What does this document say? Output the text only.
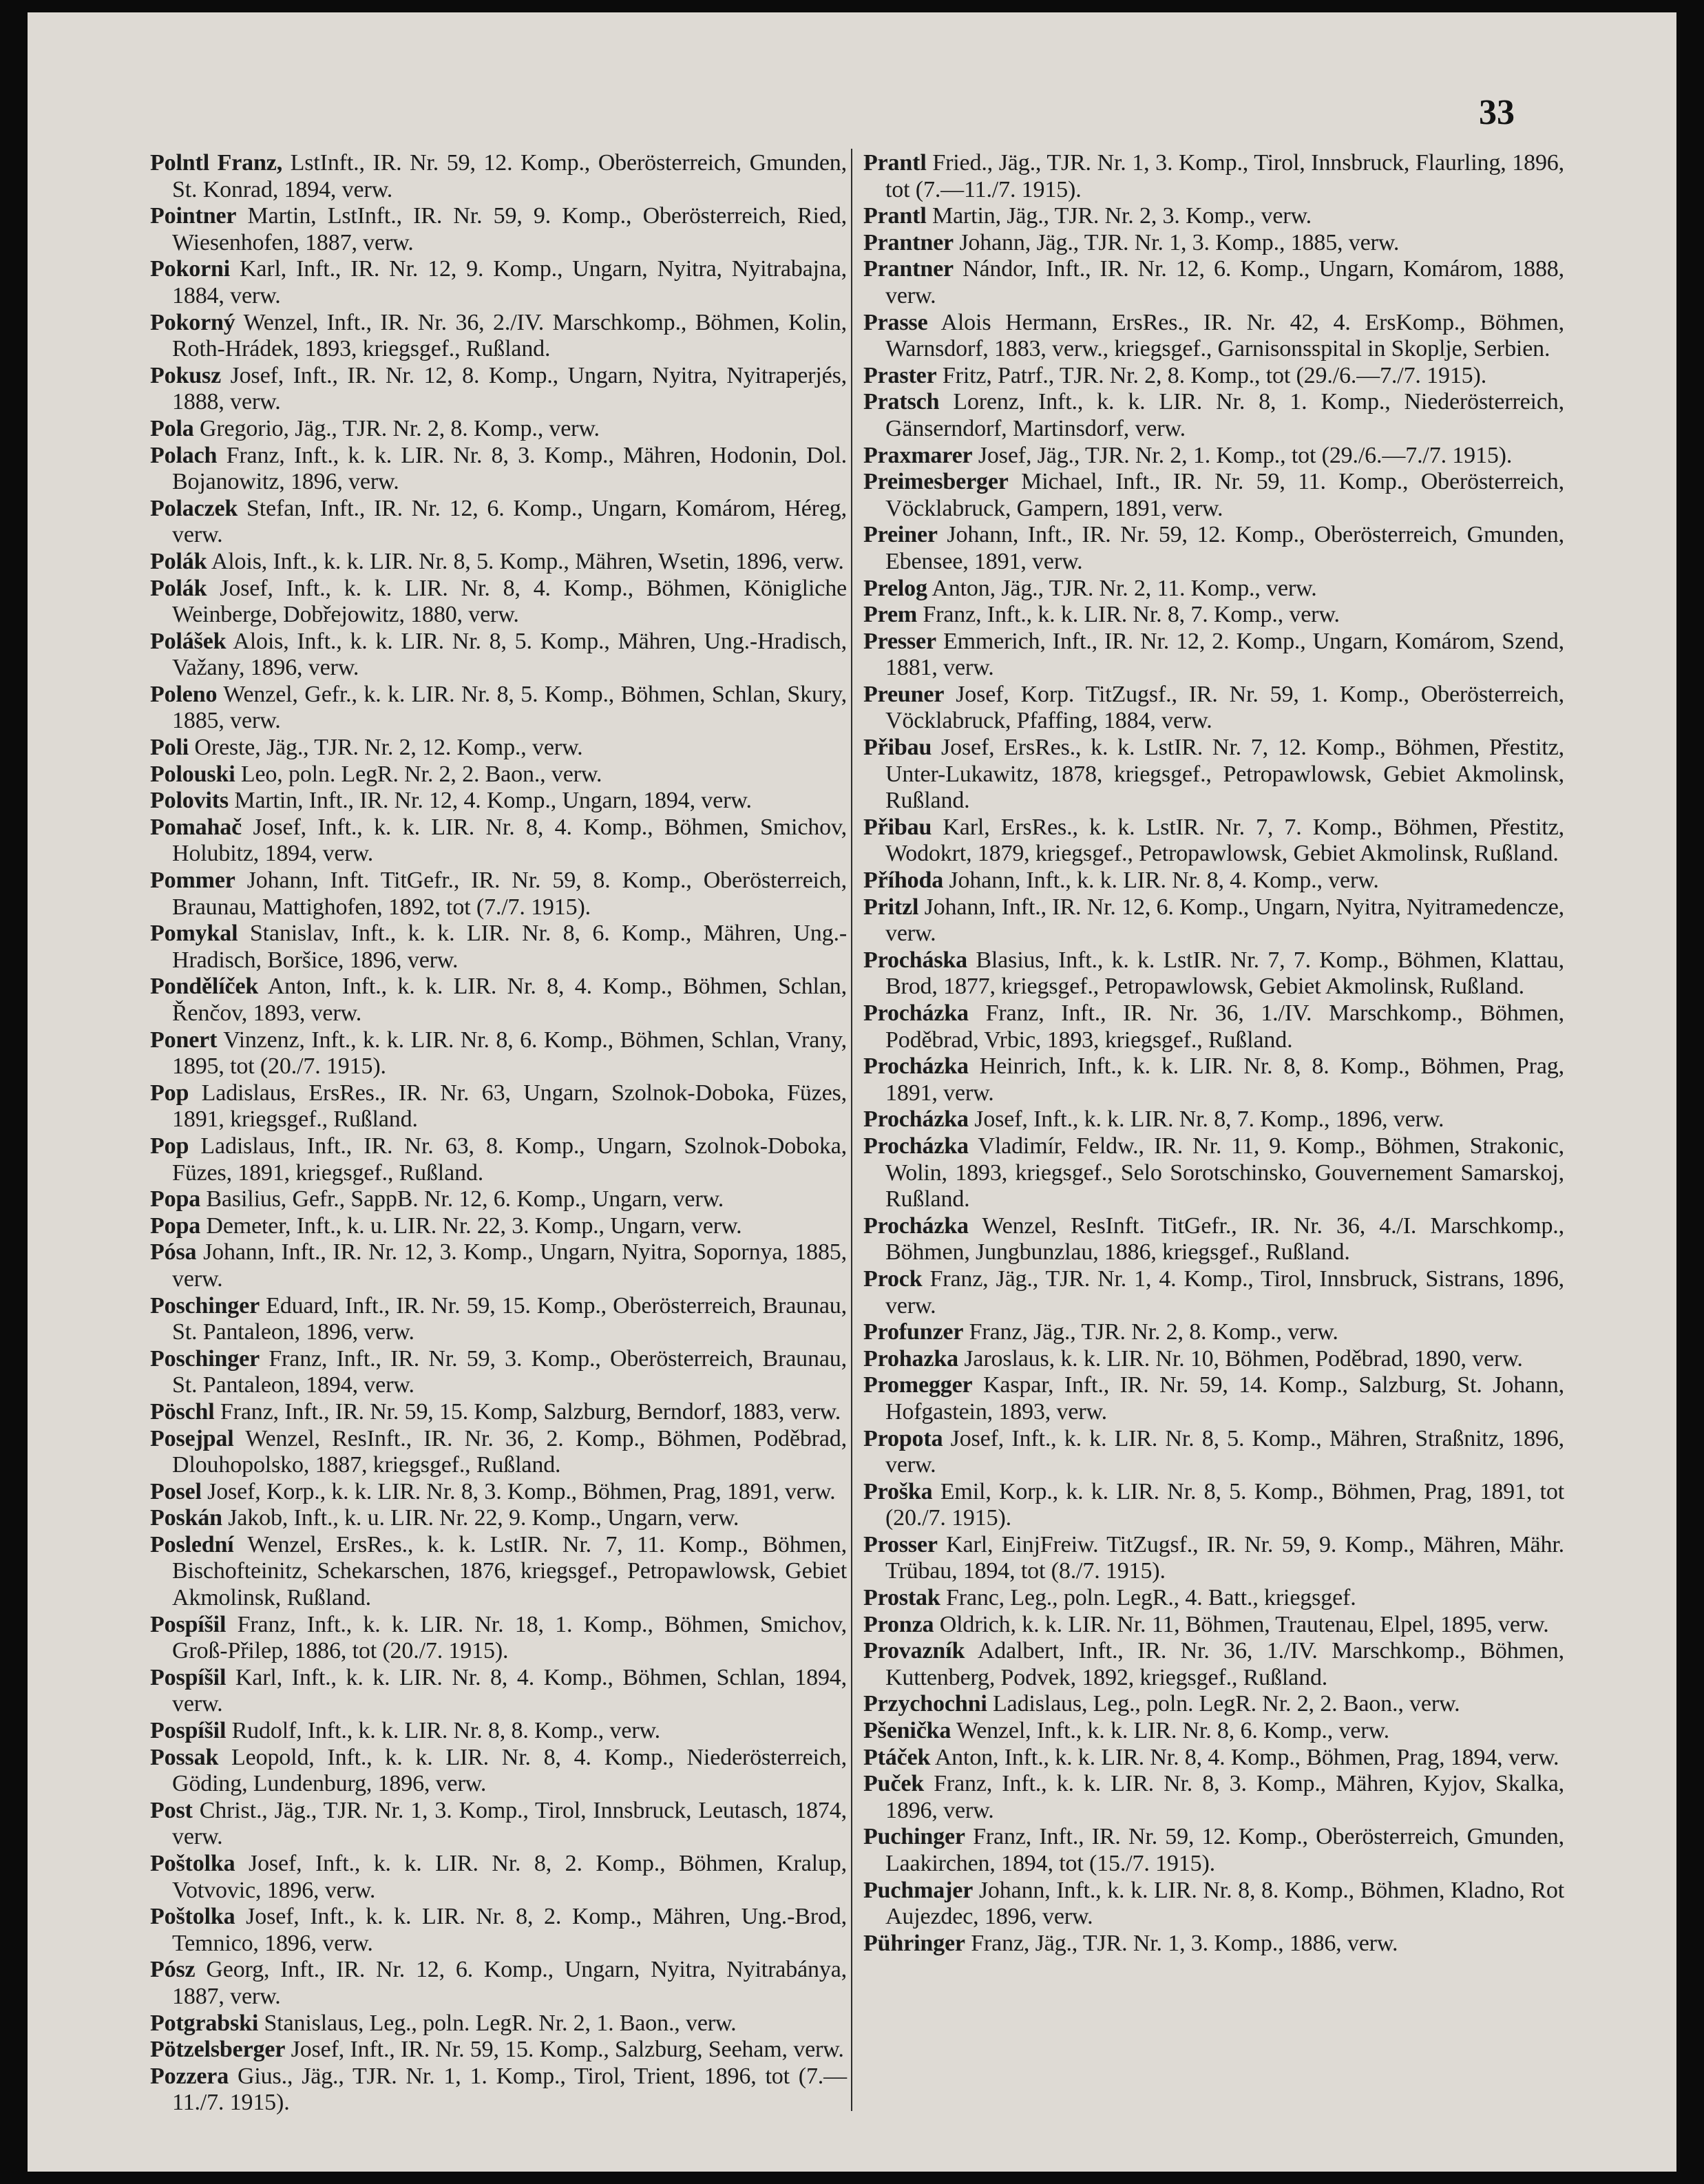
33

Polntl Franz, LstInft., IR. Nr. 59, 12. Komp., Oberösterreich, Gmunden, St. Konrad, 1894, verw.

Pointner Martin, LstInft., IR. Nr. 59, 9. Komp., Oberösterreich, Ried, Wiesenhofen, 1887, verw.

Pokorni Karl, Inft., IR. Nr. 12, 9. Komp., Ungarn, Nyitra, Nyitrabajna, 1884, verw.

Pokorný Wenzel, Inft., IR. Nr. 36, 2./IV. Marschkomp., Böhmen, Kolin, Roth-Hrádek, 1893, kriegsgef., Rußland.

Pokusz Josef, Inft., IR. Nr. 12, 8. Komp., Ungarn, Nyitra, Nyitraperjés, 1888, verw.

Pola Gregorio, Jäg., TJR. Nr. 2, 8. Komp., verw.

Polach Franz, Inft., k. k. LIR. Nr. 8, 3. Komp., Mähren, Hodonin, Dol. Bojanowitz, 1896, verw.

Polaczek Stefan, Inft., IR. Nr. 12, 6. Komp., Ungarn, Komárom, Héreg, verw.

Polák Alois, Inft., k. k. LIR. Nr. 8, 5. Komp., Mähren, Wsetin, 1896, verw.

Polák Josef, Inft., k. k. LIR. Nr. 8, 4. Komp., Böhmen, Königliche Weinberge, Dobřejowitz, 1880, verw.

Polášek Alois, Inft., k. k. LIR. Nr. 8, 5. Komp., Mähren, Ung.-Hradisch, Važany, 1896, verw.

Poleno Wenzel, Gefr., k. k. LIR. Nr. 8, 5. Komp., Böhmen, Schlan, Skury, 1885, verw.

Poli Oreste, Jäg., TJR. Nr. 2, 12. Komp., verw.

Polouski Leo, poln. LegR. Nr. 2, 2. Baon., verw.

Polovits Martin, Inft., IR. Nr. 12, 4. Komp., Ungarn, 1894, verw.

Pomahač Josef, Inft., k. k. LIR. Nr. 8, 4. Komp., Böhmen, Smichov, Holubitz, 1894, verw.

Pommer Johann, Inft. TitGefr., IR. Nr. 59, 8. Komp., Oberösterreich, Braunau, Mattighofen, 1892, tot (7./7. 1915).

Pomykal Stanislav, Inft., k. k. LIR. Nr. 8, 6. Komp., Mähren, Ung.-Hradisch, Boršice, 1896, verw.

Pondělíček Anton, Inft., k. k. LIR. Nr. 8, 4. Komp., Böhmen, Schlan, Řenčov, 1893, verw.

Ponert Vinzenz, Inft., k. k. LIR. Nr. 8, 6. Komp., Böhmen, Schlan, Vrany, 1895, tot (20./7. 1915).

Pop Ladislaus, ErsRes., IR. Nr. 63, Ungarn, Szolnok-Doboka, Füzes, 1891, kriegsgef., Rußland.

Pop Ladislaus, Inft., IR. Nr. 63, 8. Komp., Ungarn, Szolnok-Doboka, Füzes, 1891, kriegsgef., Rußland.

Popa Basilius, Gefr., SappB. Nr. 12, 6. Komp., Ungarn, verw.

Popa Demeter, Inft., k. u. LIR. Nr. 22, 3. Komp., Ungarn, verw.

Pósa Johann, Inft., IR. Nr. 12, 3. Komp., Ungarn, Nyitra, Sopornya, 1885, verw.

Poschinger Eduard, Inft., IR. Nr. 59, 15. Komp., Oberösterreich, Braunau, St. Pantaleon, 1896, verw.

Poschinger Franz, Inft., IR. Nr. 59, 3. Komp., Oberösterreich, Braunau, St. Pantaleon, 1894, verw.

Pöschl Franz, Inft., IR. Nr. 59, 15. Komp, Salzburg, Berndorf, 1883, verw.

Posejpal Wenzel, ResInft., IR. Nr. 36, 2. Komp., Böhmen, Poděbrad, Dlouhopolsko, 1887, kriegsgef., Rußland.

Posel Josef, Korp., k. k. LIR. Nr. 8, 3. Komp., Böhmen, Prag, 1891, verw.

Poskán Jakob, Inft., k. u. LIR. Nr. 22, 9. Komp., Ungarn, verw.

Poslední Wenzel, ErsRes., k. k. LstIR. Nr. 7, 11. Komp., Böhmen, Bischofteinitz, Schekarschen, 1876, kriegsgef., Petropawlowsk, Gebiet Akmolinsk, Rußland.

Pospíšil Franz, Inft., k. k. LIR. Nr. 18, 1. Komp., Böhmen, Smichov, Groß-Přilep, 1886, tot (20./7. 1915).

Pospíšil Karl, Inft., k. k. LIR. Nr. 8, 4. Komp., Böhmen, Schlan, 1894, verw.

Pospíšil Rudolf, Inft., k. k. LIR. Nr. 8, 8. Komp., verw.

Possak Leopold, Inft., k. k. LIR. Nr. 8, 4. Komp., Niederösterreich, Göding, Lundenburg, 1896, verw.

Post Christ., Jäg., TJR. Nr. 1, 3. Komp., Tirol, Innsbruck, Leutasch, 1874, verw.

Poštolka Josef, Inft., k. k. LIR. Nr. 8, 2. Komp., Böhmen, Kralup, Votvovic, 1896, verw.

Poštolka Josef, Inft., k. k. LIR. Nr. 8, 2. Komp., Mähren, Ung.-Brod, Temnico, 1896, verw.

Pósz Georg, Inft., IR. Nr. 12, 6. Komp., Ungarn, Nyitra, Nyitrabánya, 1887, verw.

Potgrabski Stanislaus, Leg., poln. LegR. Nr. 2, 1. Baon., verw.

Pötzelsberger Josef, Inft., IR. Nr. 59, 15. Komp., Salzburg, Seeham, verw.

Pozzera Gius., Jäg., TJR. Nr. 1, 1. Komp., Tirol, Trient, 1896, tot (7.—11./7. 1915).

Prantl Fried., Jäg., TJR. Nr. 1, 3. Komp., Tirol, Innsbruck, Flaurling, 1896, tot (7.—11./7. 1915).

Prantl Martin, Jäg., TJR. Nr. 2, 3. Komp., verw.

Prantner Johann, Jäg., TJR. Nr. 1, 3. Komp., 1885, verw.

Prantner Nándor, Inft., IR. Nr. 12, 6. Komp., Ungarn, Komárom, 1888, verw.

Prasse Alois Hermann, ErsRes., IR. Nr. 42, 4. ErsKomp., Böhmen, Warnsdorf, 1883, verw., kriegsgef., Garnisonsspital in Skoplje, Serbien.

Praster Fritz, Patrf., TJR. Nr. 2, 8. Komp., tot (29./6.—7./7. 1915).

Pratsch Lorenz, Inft., k. k. LIR. Nr. 8, 1. Komp., Niederösterreich, Gänserndorf, Martinsdorf, verw.

Praxmarer Josef, Jäg., TJR. Nr. 2, 1. Komp., tot (29./6.—7./7. 1915).

Preimesberger Michael, Inft., IR. Nr. 59, 11. Komp., Oberösterreich, Vöcklabruck, Gampern, 1891, verw.

Preiner Johann, Inft., IR. Nr. 59, 12. Komp., Oberösterreich, Gmunden, Ebensee, 1891, verw.

Prelog Anton, Jäg., TJR. Nr. 2, 11. Komp., verw.

Prem Franz, Inft., k. k. LIR. Nr. 8, 7. Komp., verw.

Presser Emmerich, Inft., IR. Nr. 12, 2. Komp., Ungarn, Komárom, Szend, 1881, verw.

Preuner Josef, Korp. TitZugsf., IR. Nr. 59, 1. Komp., Oberösterreich, Vöcklabruck, Pfaffing, 1884, verw.

Přibau Josef, ErsRes., k. k. LstIR. Nr. 7, 12. Komp., Böhmen, Přestitz, Unter-Lukawitz, 1878, kriegsgef., Petropawlowsk, Gebiet Akmolinsk, Rußland.

Přibau Karl, ErsRes., k. k. LstIR. Nr. 7, 7. Komp., Böhmen, Přestitz, Wodokrt, 1879, kriegsgef., Petropawlowsk, Gebiet Akmolinsk, Rußland.

Příhoda Johann, Inft., k. k. LIR. Nr. 8, 4. Komp., verw.

Pritzl Johann, Inft., IR. Nr. 12, 6. Komp., Ungarn, Nyitra, Nyitramedencze, verw.

Procháska Blasius, Inft., k. k. LstIR. Nr. 7, 7. Komp., Böhmen, Klattau, Brod, 1877, kriegsgef., Petropawlowsk, Gebiet Akmolinsk, Rußland.

Procházka Franz, Inft., IR. Nr. 36, 1./IV. Marschkomp., Böhmen, Poděbrad, Vrbic, 1893, kriegsgef., Rußland.

Procházka Heinrich, Inft., k. k. LIR. Nr. 8, 8. Komp., Böhmen, Prag, 1891, verw.

Procházka Josef, Inft., k. k. LIR. Nr. 8, 7. Komp., 1896, verw.

Procházka Vladimír, Feldw., IR. Nr. 11, 9. Komp., Böhmen, Strakonic, Wolin, 1893, kriegsgef., Selo Sorotschinsko, Gouvernement Samarskoj, Rußland.

Procházka Wenzel, ResInft. TitGefr., IR. Nr. 36, 4./I. Marschkomp., Böhmen, Jungbunzlau, 1886, kriegsgef., Rußland.

Prock Franz, Jäg., TJR. Nr. 1, 4. Komp., Tirol, Innsbruck, Sistrans, 1896, verw.

Profunzer Franz, Jäg., TJR. Nr. 2, 8. Komp., verw.

Prohazka Jaroslaus, k. k. LIR. Nr. 10, Böhmen, Poděbrad, 1890, verw.

Promegger Kaspar, Inft., IR. Nr. 59, 14. Komp., Salzburg, St. Johann, Hofgastein, 1893, verw.

Propota Josef, Inft., k. k. LIR. Nr. 8, 5. Komp., Mähren, Straßnitz, 1896, verw.

Proška Emil, Korp., k. k. LIR. Nr. 8, 5. Komp., Böhmen, Prag, 1891, tot (20./7. 1915).

Prosser Karl, EinjFreiw. TitZugsf., IR. Nr. 59, 9. Komp., Mähren, Mähr. Trübau, 1894, tot (8./7. 1915).

Prostak Franc, Leg., poln. LegR., 4. Batt., kriegsgef.

Pronza Oldrich, k. k. LIR. Nr. 11, Böhmen, Trautenau, Elpel, 1895, verw.

Provazník Adalbert, Inft., IR. Nr. 36, 1./IV. Marschkomp., Böhmen, Kuttenberg, Podvek, 1892, kriegsgef., Rußland.

Przychochni Ladislaus, Leg., poln. LegR. Nr. 2, 2. Baon., verw.

Pšenička Wenzel, Inft., k. k. LIR. Nr. 8, 6. Komp., verw.

Ptáček Anton, Inft., k. k. LIR. Nr. 8, 4. Komp., Böhmen, Prag, 1894, verw.

Puček Franz, Inft., k. k. LIR. Nr. 8, 3. Komp., Mähren, Kyjov, Skalka, 1896, verw.

Puchinger Franz, Inft., IR. Nr. 59, 12. Komp., Oberösterreich, Gmunden, Laakirchen, 1894, tot (15./7. 1915).

Puchmajer Johann, Inft., k. k. LIR. Nr. 8, 8. Komp., Böhmen, Kladno, Rot Aujezdec, 1896, verw.

Pühringer Franz, Jäg., TJR. Nr. 1, 3. Komp., 1886, verw.
